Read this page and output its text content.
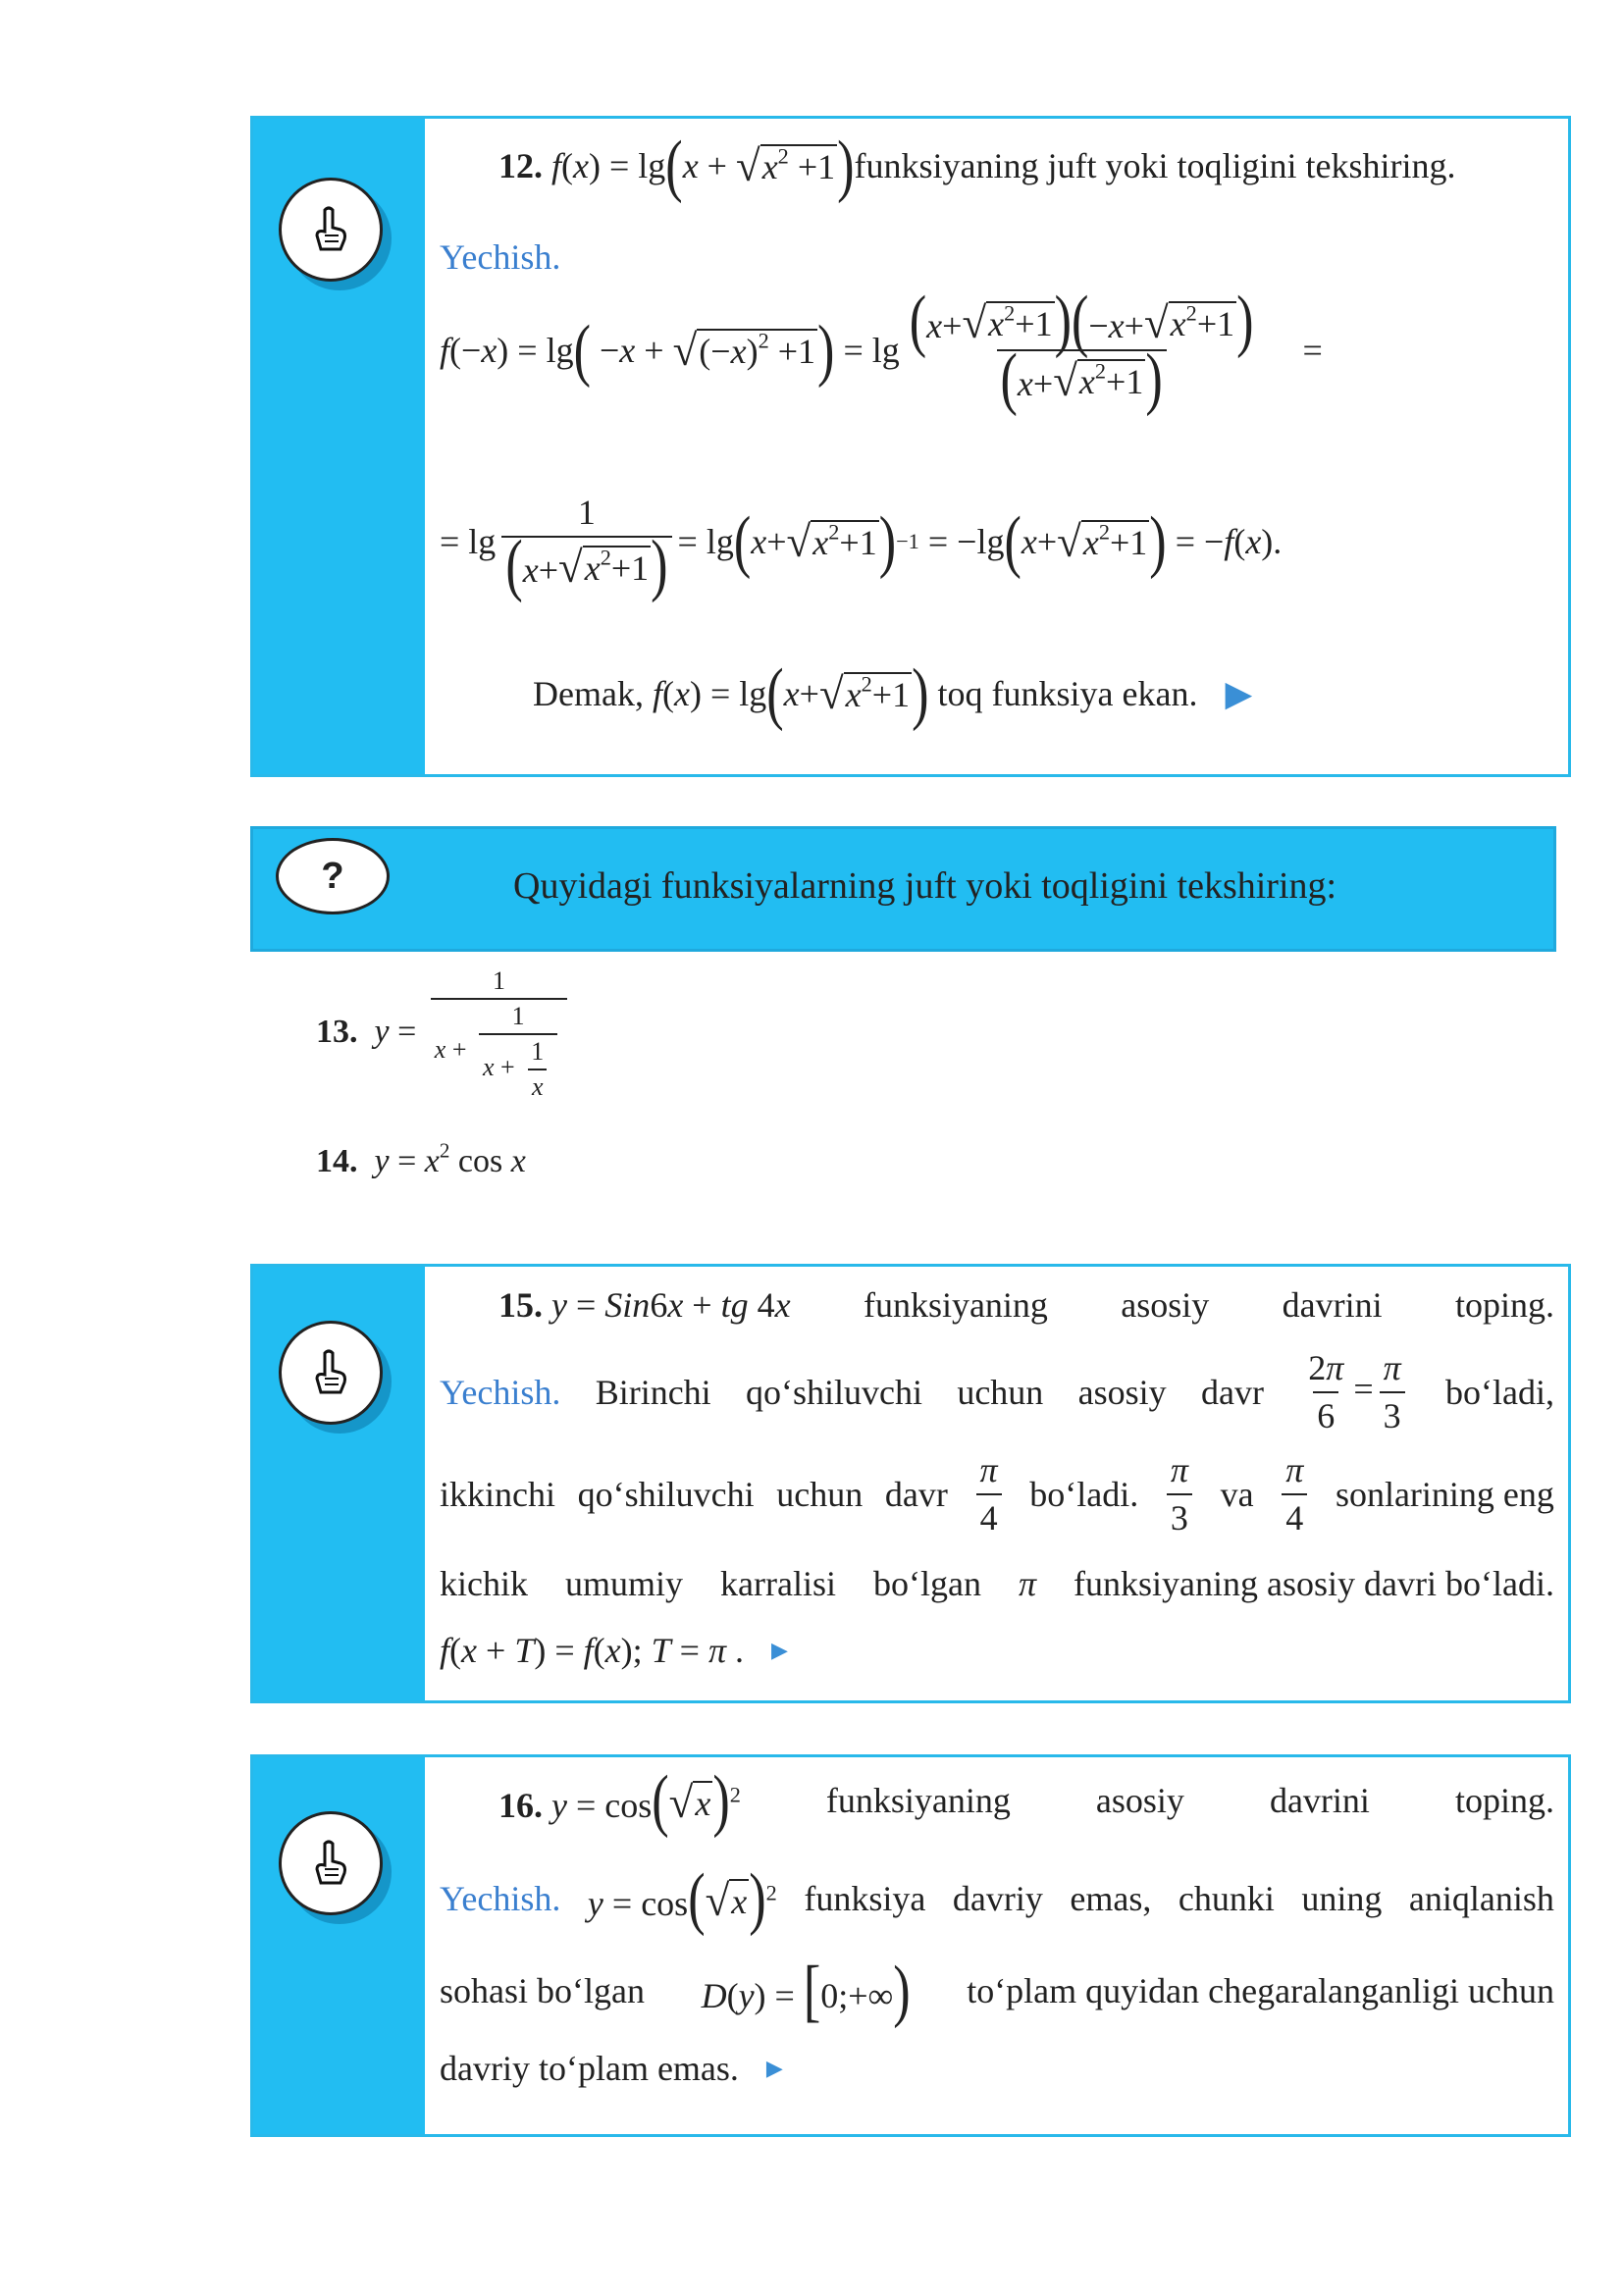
12.
f ( x ) = lg ( x + √ $x^2 +1$ ) funksiyaning juft yoki toqligini tekshiring.
Yechish.
f (− x ) = lg ( − x + √ $(-x)^2 +1$ ) = $\lg \frac{(x+ √ x^2+1 )(-x+ √ x^2+1 )}{(x+ √ x^2+1 )}$ =
= $\lg \frac{1}{(x+ √ x^2+1 )} = \lg$ ( x + √ $x^2+1$ ) −1 = −lg ( x + √ $x^2+1$ ) = − f ( x ).
Demak,
f ( x ) = lg ( x + √ $x^2+1$ )
toq funksiya ekan. ▶
?	Quyidagi funksiyalarning juft yoki toqligini tekshiring:
13. $y = \frac{1}{x + \frac{1}{x + \frac{1}{x}}}$
14. $y = x^2$ cos x
15. y = Sin6x + tg 4x funksiyaning asosiy davrini toping.
Yechish. Birinchi qo‘shiluvchi uchun asosiy davr $\frac{2\pi}{6} = \frac{\pi}{3}$ bo‘ladi,
ikkinchi qo‘shiluvchi uchun davr $\frac{\pi}{4}$ bo‘ladi. $\frac{\pi}{3}$ va $\frac{\pi}{4}$ sonlarining eng
kichik umumiy karralisi bo‘lgan π funksiyaning asosiy davri bo‘ladi.
f ( x + T ) = f ( x ); T = π . ▶
16. y = cos( √ x )$^2$ funksiyaning asosiy davrini toping.
Yechish. y = cos( √ x )$^2$ funksiya davriy emas, chunki uning aniqlanish
sohasi bo‘lgan D(y) = [0;+∞) to‘plam quyidan chegaralanganligi uchun
davriy to‘plam emas. ▶
